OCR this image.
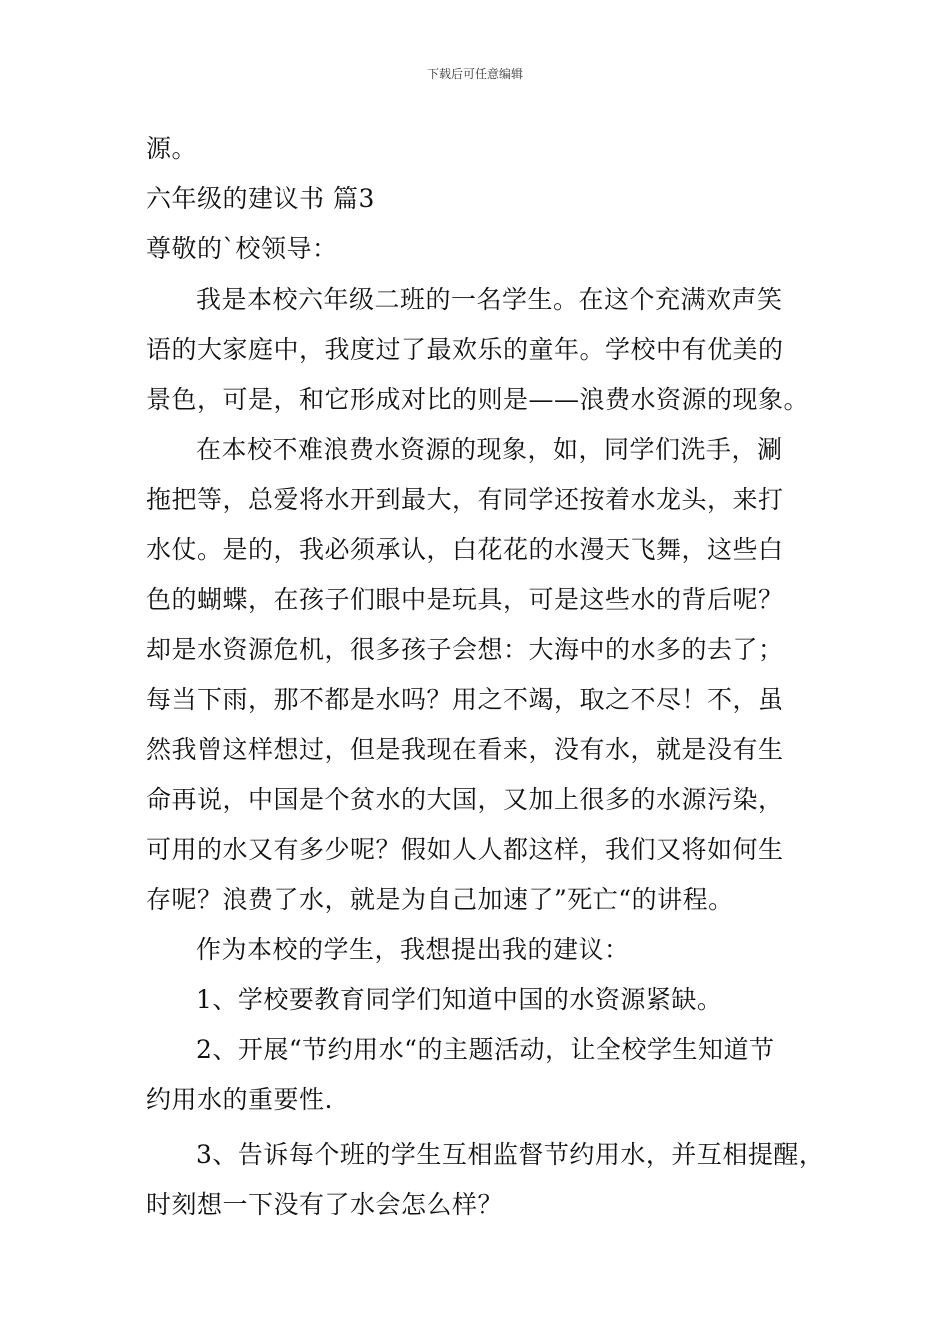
下载后可任意编辑
源。
六年级的建议书 篇3
尊敬的`校领导：
我是本校六年级二班的一名学生。在这个充满欢声笑
语的大家庭中，我度过了最欢乐的童年。学校中有优美的
景色，可是，和它形成对比的则是——浪费水资源的现象。
在本校不难浪费水资源的现象，如，同学们洗手，涮
拖把等，总爱将水开到最大，有同学还按着水龙头，来打
水仗。是的，我必须承认，白花花的水漫天飞舞，这些白
色的蝴蝶，在孩子们眼中是玩具，可是这些水的背后呢？
却是水资源危机，很多孩子会想：大海中的水多的去了；
每当下雨，那不都是水吗？用之不竭，取之不尽！不，虽
然我曾这样想过，但是我现在看来，没有水，就是没有生
命再说，中国是个贫水的大国，又加上很多的水源污染，
可用的水又有多少呢？假如人人都这样，我们又将如何生
存呢？浪费了水，就是为自己加速了”死亡“的讲程。
作为本校的学生，我想提出我的建议：
1、学校要教育同学们知道中国的水资源紧缺。
2、开展“节约用水“的主题活动，让全校学生知道节
约用水的重要性.
3、告诉每个班的学生互相监督节约用水，并互相提醒，
时刻想一下没有了水会怎么样？
